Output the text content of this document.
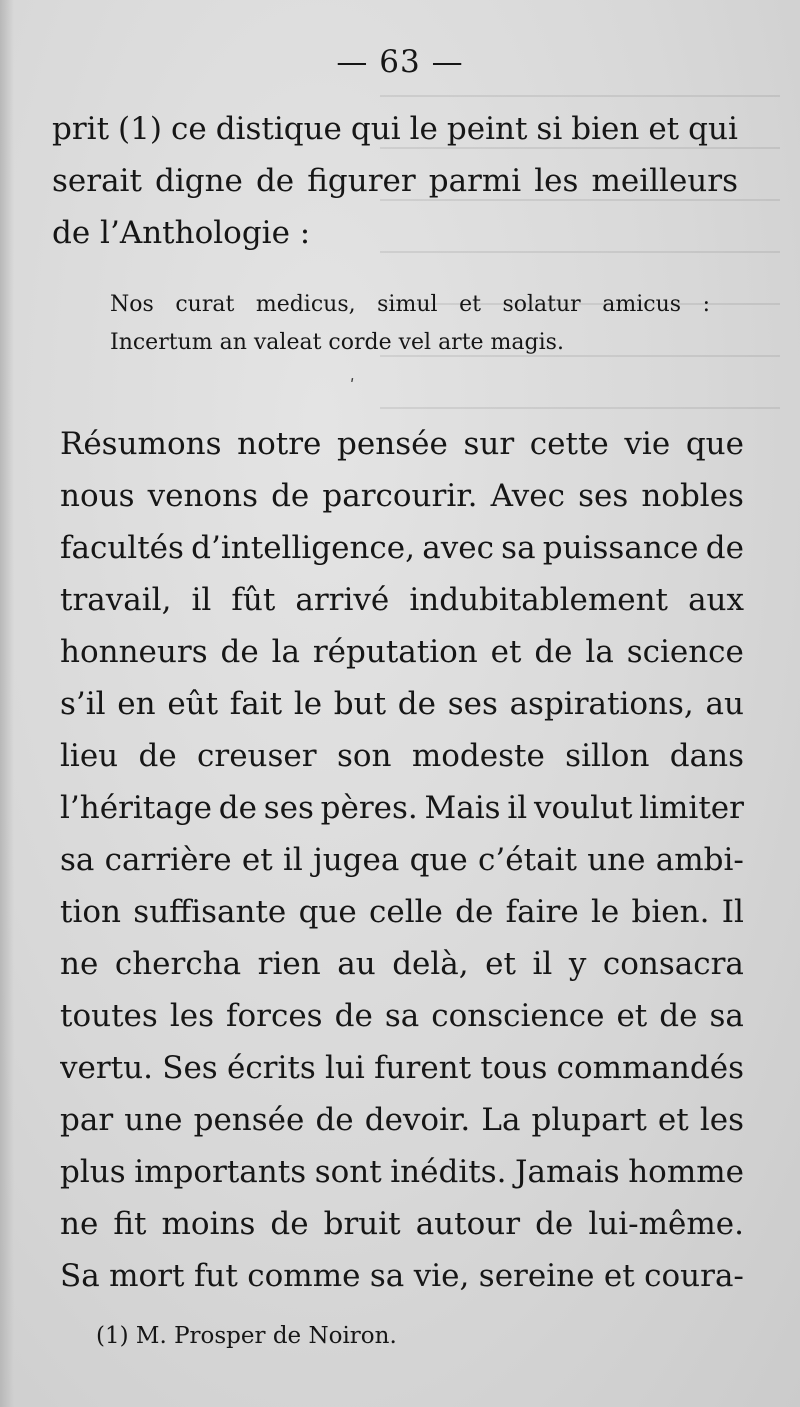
— 63 —

prit (1) ce distique qui le peint si bien et qui
serait digne de figurer parmi les meilleurs
de l’Anthologie :

Nos curat medicus, simul et solatur amicus :
Incertum an valeat corde vel arte magis.
ʹ

Résumons notre pensée sur cette vie que
nous venons de parcourir. Avec ses nobles
facultés d’intelligence, avec sa puissance de
travail, il fût arrivé indubitablement aux
honneurs de la réputation et de la science
s’il en eût fait le but de ses aspirations, au
lieu de creuser son modeste sillon dans
l’héritage de ses pères. Mais il voulut limiter
sa carrière et il jugea que c’était une ambi-
tion suffisante que celle de faire le bien. Il
ne chercha rien au delà, et il y consacra
toutes les forces de sa conscience et de sa
vertu. Ses écrits lui furent tous commandés
par une pensée de devoir. La plupart et les
plus importants sont inédits. Jamais homme
ne fit moins de bruit autour de lui-même.
Sa mort fut comme sa vie, sereine et coura-

(1) M. Prosper de Noiron.
